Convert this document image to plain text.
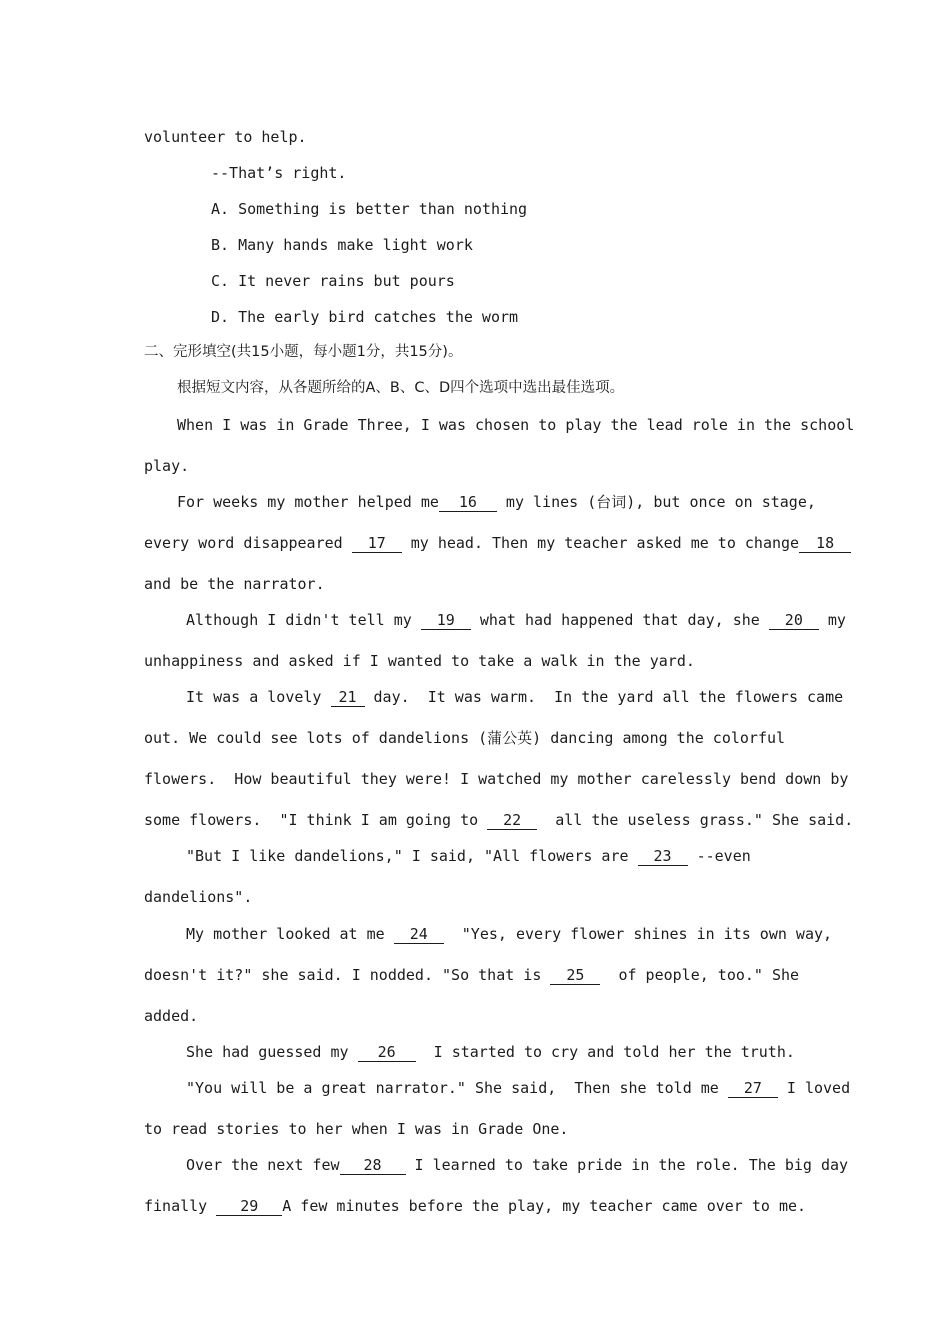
volunteer to help.
--That’s right.
A. Something is better than nothing
B. Many hands make light work
C. It never rains but pours
D. The early bird catches the worm
二、完形填空(共15小题，每小题1分，共15分)。
根据短文内容，从各题所给的A、B、C、D四个选项中选出最佳选项。
When I was in Grade Three, I was chosen to play the lead role in the school
play.
For weeks my mother helped me 16 my lines (台词), but once on stage,
every word disappeared 17 my head. Then my teacher asked me to change 18
and be the narrator.
Although I didn't tell my 19 what had happened that day, she 20 my
unhappiness and asked if I wanted to take a walk in the yard.
It was a lovely 21 day.  It was warm.  In the yard all the flowers came
out. We could see lots of dandelions (蒲公英) dancing among the colorful
flowers.  How beautiful they were! I watched my mother carelessly bend down by
some flowers.  "I think I am going to 22  all the useless grass." She said.
"But I like dandelions," I said, "All flowers are 23 --even
dandelions".
My mother looked at me 24  "Yes, every flower shines in its own way,
doesn't it?" she said. I nodded. "So that is 25  of people, too." She
added.
She had guessed my 26  I started to cry and told her the truth.
"You will be a great narrator." She said,  Then she told me 27 I loved
to read stories to her when I was in Grade One.
Over the next few 28 I learned to take pride in the role. The big day
finally 29 A few minutes before the play, my teacher came over to me.
